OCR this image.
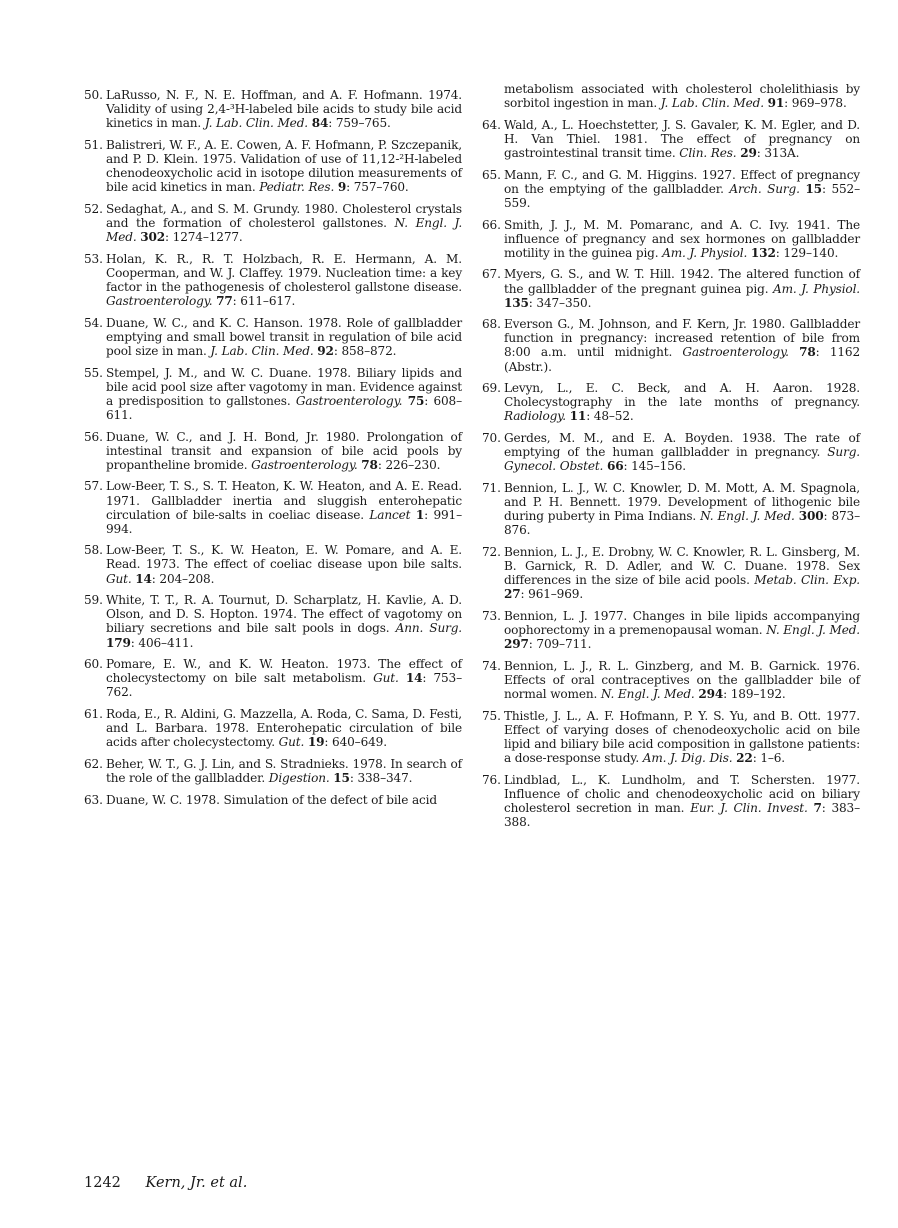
50. LaRusso, N. F., N. E. Hoffman, and A. F. Hofmann. 1974. Validity of using 2,4-³H-labeled bile acids to study bile acid kinetics in man. J. Lab. Clin. Med. 84: 759–765.
51. Balistreri, W. F., A. E. Cowen, A. F. Hofmann, P. Szczepanik, and P. D. Klein. 1975. Validation of use of 11,12-²H-labeled chenodeoxycholic acid in isotope dilution measurements of bile acid kinetics in man. Pediatr. Res. 9: 757–760.
52. Sedaghat, A., and S. M. Grundy. 1980. Cholesterol crystals and the formation of cholesterol gallstones. N. Engl. J. Med. 302: 1274–1277.
53. Holan, K. R., R. T. Holzbach, R. E. Hermann, A. M. Cooperman, and W. J. Claffey. 1979. Nucleation time: a key factor in the pathogenesis of cholesterol gallstone disease. Gastroenterology. 77: 611–617.
54. Duane, W. C., and K. C. Hanson. 1978. Role of gallbladder emptying and small bowel transit in regulation of bile acid pool size in man. J. Lab. Clin. Med. 92: 858–872.
55. Stempel, J. M., and W. C. Duane. 1978. Biliary lipids and bile acid pool size after vagotomy in man. Evidence against a predisposition to gallstones. Gastroenterology. 75: 608–611.
56. Duane, W. C., and J. H. Bond, Jr. 1980. Prolongation of intestinal transit and expansion of bile acid pools by propantheline bromide. Gastroenterology. 78: 226–230.
57. Low-Beer, T. S., S. T. Heaton, K. W. Heaton, and A. E. Read. 1971. Gallbladder inertia and sluggish enterohepatic circulation of bile-salts in coeliac disease. Lancet 1: 991–994.
58. Low-Beer, T. S., K. W. Heaton, E. W. Pomare, and A. E. Read. 1973. The effect of coeliac disease upon bile salts. Gut. 14: 204–208.
59. White, T. T., R. A. Tournut, D. Scharplatz, H. Kavlie, A. D. Olson, and D. S. Hopton. 1974. The effect of vagotomy on biliary secretions and bile salt pools in dogs. Ann. Surg. 179: 406–411.
60. Pomare, E. W., and K. W. Heaton. 1973. The effect of cholecystectomy on bile salt metabolism. Gut. 14: 753–762.
61. Roda, E., R. Aldini, G. Mazzella, A. Roda, C. Sama, D. Festi, and L. Barbara. 1978. Enterohepatic circulation of bile acids after cholecystectomy. Gut. 19: 640–649.
62. Beher, W. T., G. J. Lin, and S. Stradnieks. 1978. In search of the role of the gallbladder. Digestion. 15: 338–347.
63. Duane, W. C. 1978. Simulation of the defect of bile acid
metabolism associated with cholesterol cholelithiasis by sorbitol ingestion in man. J. Lab. Clin. Med. 91: 969–978.
64. Wald, A., L. Hoechstetter, J. S. Gavaler, K. M. Egler, and D. H. Van Thiel. 1981. The effect of pregnancy on gastrointestinal transit time. Clin. Res. 29: 313A.
65. Mann, F. C., and G. M. Higgins. 1927. Effect of pregnancy on the emptying of the gallbladder. Arch. Surg. 15: 552–559.
66. Smith, J. J., M. M. Pomaranc, and A. C. Ivy. 1941. The influence of pregnancy and sex hormones on gallbladder motility in the guinea pig. Am. J. Physiol. 132: 129–140.
67. Myers, G. S., and W. T. Hill. 1942. The altered function of the gallbladder of the pregnant guinea pig. Am. J. Physiol. 135: 347–350.
68. Everson G., M. Johnson, and F. Kern, Jr. 1980. Gallbladder function in pregnancy: increased retention of bile from 8:00 a.m. until midnight. Gastroenterology. 78: 1162 (Abstr.).
69. Levyn, L., E. C. Beck, and A. H. Aaron. 1928. Cholecystography in the late months of pregnancy. Radiology. 11: 48–52.
70. Gerdes, M. M., and E. A. Boyden. 1938. The rate of emptying of the human gallbladder in pregnancy. Surg. Gynecol. Obstet. 66: 145–156.
71. Bennion, L. J., W. C. Knowler, D. M. Mott, A. M. Spagnola, and P. H. Bennett. 1979. Development of lithogenic bile during puberty in Pima Indians. N. Engl. J. Med. 300: 873–876.
72. Bennion, L. J., E. Drobny, W. C. Knowler, R. L. Ginsberg, M. B. Garnick, R. D. Adler, and W. C. Duane. 1978. Sex differences in the size of bile acid pools. Metab. Clin. Exp. 27: 961–969.
73. Bennion, L. J. 1977. Changes in bile lipids accompanying oophorectomy in a premenopausal woman. N. Engl. J. Med. 297: 709–711.
74. Bennion, L. J., R. L. Ginzberg, and M. B. Garnick. 1976. Effects of oral contraceptives on the gallbladder bile of normal women. N. Engl. J. Med. 294: 189–192.
75. Thistle, J. L., A. F. Hofmann, P. Y. S. Yu, and B. Ott. 1977. Effect of varying doses of chenodeoxycholic acid on bile lipid and biliary bile acid composition in gallstone patients: a dose-response study. Am. J. Dig. Dis. 22: 1–6.
76. Lindblad, L., K. Lundholm, and T. Schersten. 1977. Influence of cholic and chenodeoxycholic acid on biliary cholesterol secretion in man. Eur. J. Clin. Invest. 7: 383–388.
1242 Kern, Jr. et al.
